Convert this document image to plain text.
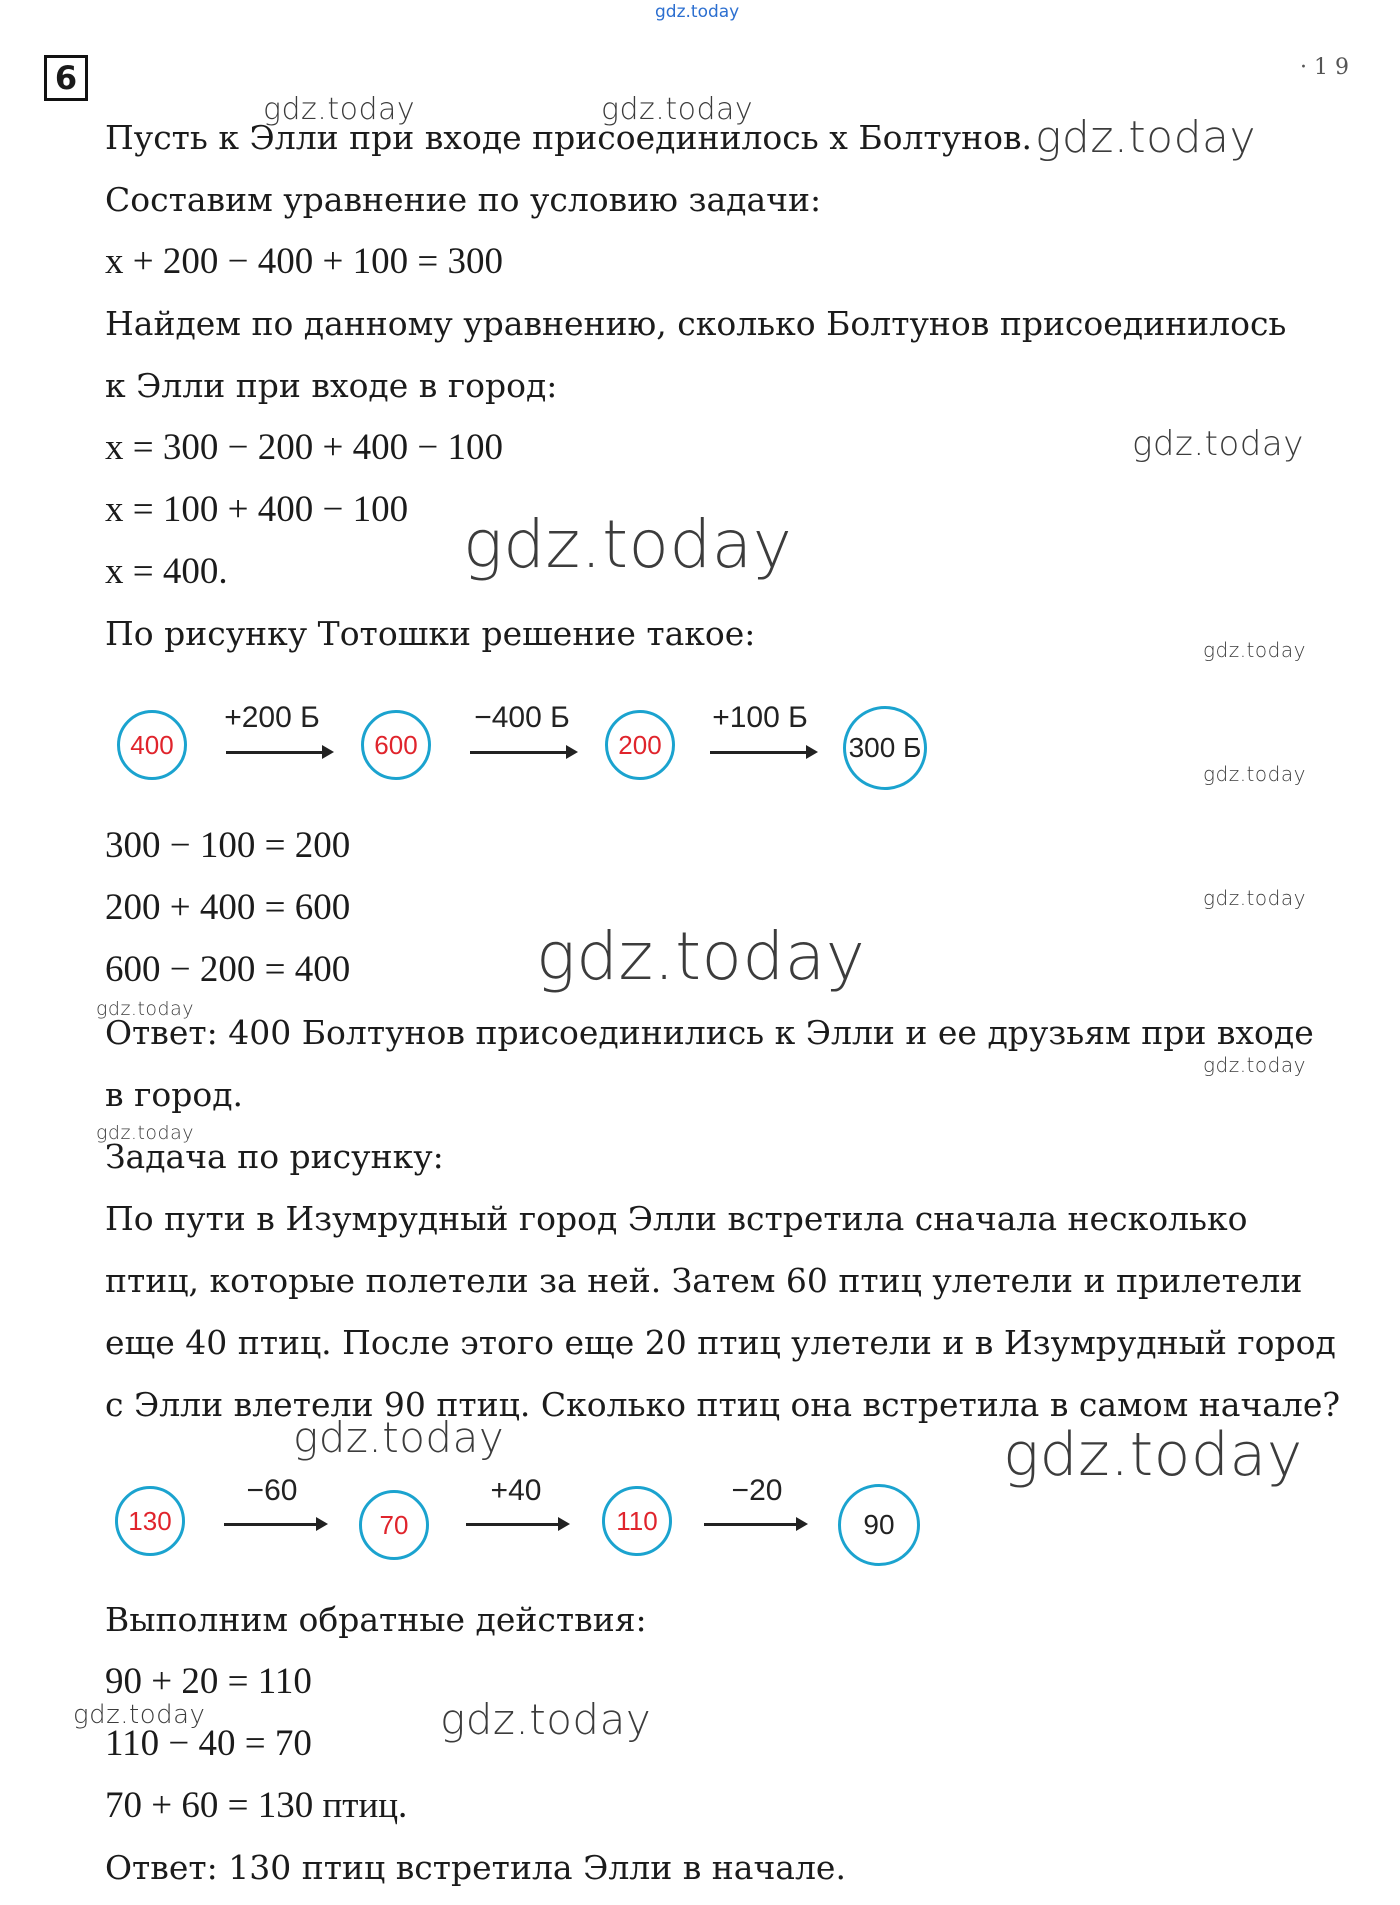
gdz.today
6	· 1 9
Пусть к Элли при входе присоединилось x Болтунов.
Составим уравнение по условию задачи:
x + 200 − 400 + 100 = 300
Найдем по данному уравнению, сколько Болтунов присоединилось
к Элли при входе в город:
x = 300 − 200 + 400 − 100
x = 100 + 400 − 100
x = 400.
По рисунку Тотошки решение такое:
400
+200 Б
600
−400 Б
200
+100 Б
300 Б
300 − 100 = 200
200 + 400 = 600
600 − 200 = 400
Ответ: 400 Болтунов присоединились к Элли и ее друзьям при входе
в город.
Задача по рисунку:
По пути в Изумрудный город Элли встретила сначала несколько
птиц, которые полетели за ней. Затем 60 птиц улетели и прилетели
еще 40 птиц. После этого еще 20 птиц улетели и в Изумрудный город
с Элли влетели 90 птиц. Сколько птиц она встретила в самом начале?
130
−60
70
+40
110
−20
90
Выполним обратные действия:
90 + 20 = 110
110 − 40 = 70
70 + 60 = 130 птиц.
Ответ: 130 птиц встретила Элли в начале.
gdz.today	gdz.today
gdz.today
gdz.today
gdz.today
gdz.today
gdz.today
gdz.today
gdz.today
gdz.today
gdz.today
gdz.today
gdz.today	gdz.today
gdz.today	gdz.today
